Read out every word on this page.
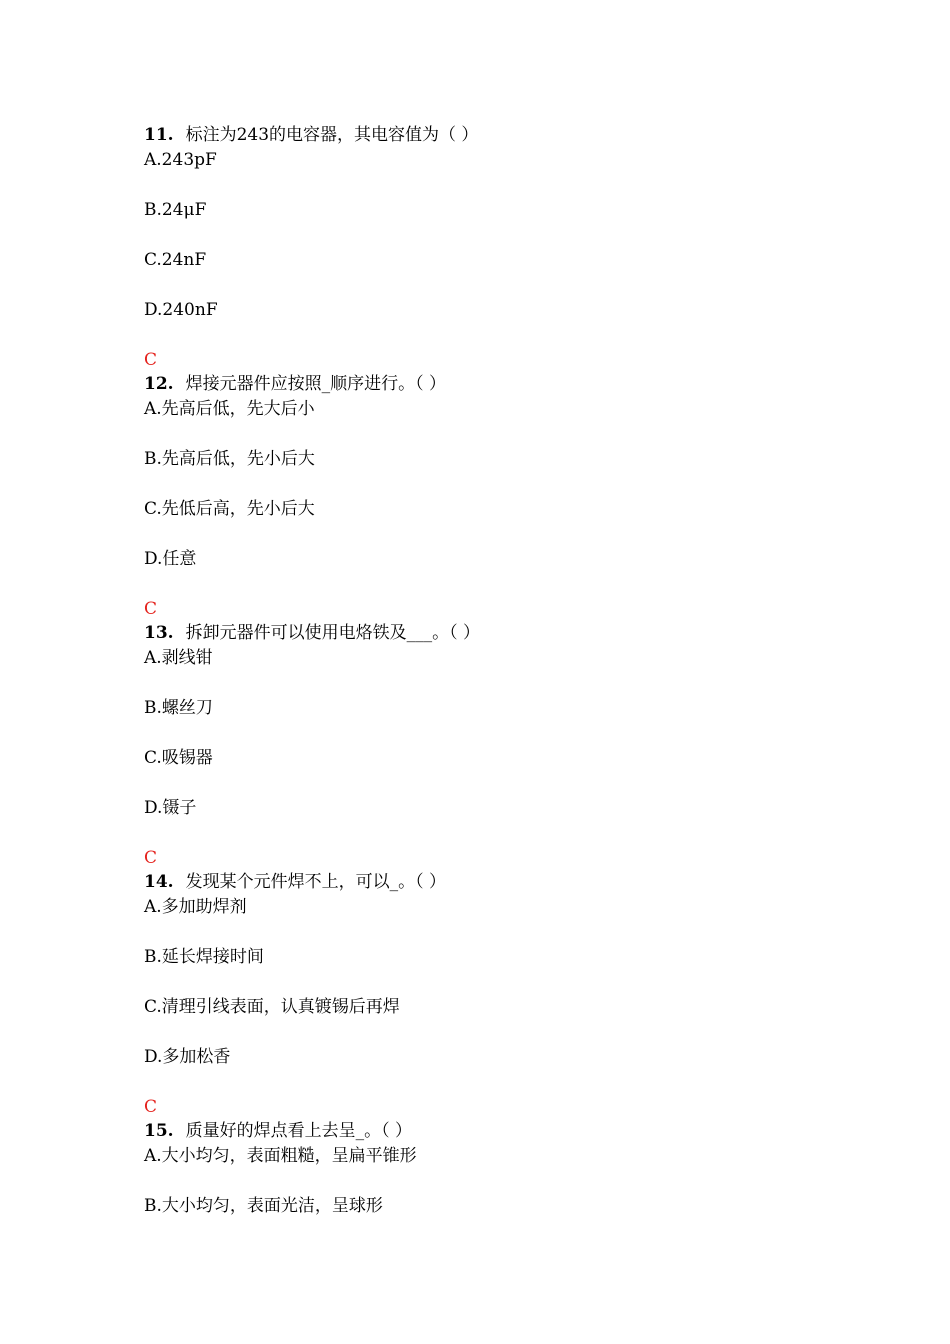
11. 标注为243的电容器，其电容值为（ ）
A.243pF
B.24μF
C.24nF
D.240nF
C
12. 焊接元器件应按照_顺序进行。（ ）
A.先高后低，先大后小
B.先高后低，先小后大
C.先低后高，先小后大
D.任意
C
13. 拆卸元器件可以使用电烙铁及___。（ ）
A.剥线钳
B.螺丝刀
C.吸锡器
D.镊子
C
14. 发现某个元件焊不上，可以_。（ ）
A.多加助焊剂
B.延长焊接时间
C.清理引线表面，认真镀锡后再焊
D.多加松香
C
15. 质量好的焊点看上去呈_。（ ）
A.大小均匀，表面粗糙，呈扁平锥形
B.大小均匀，表面光洁，呈球形
